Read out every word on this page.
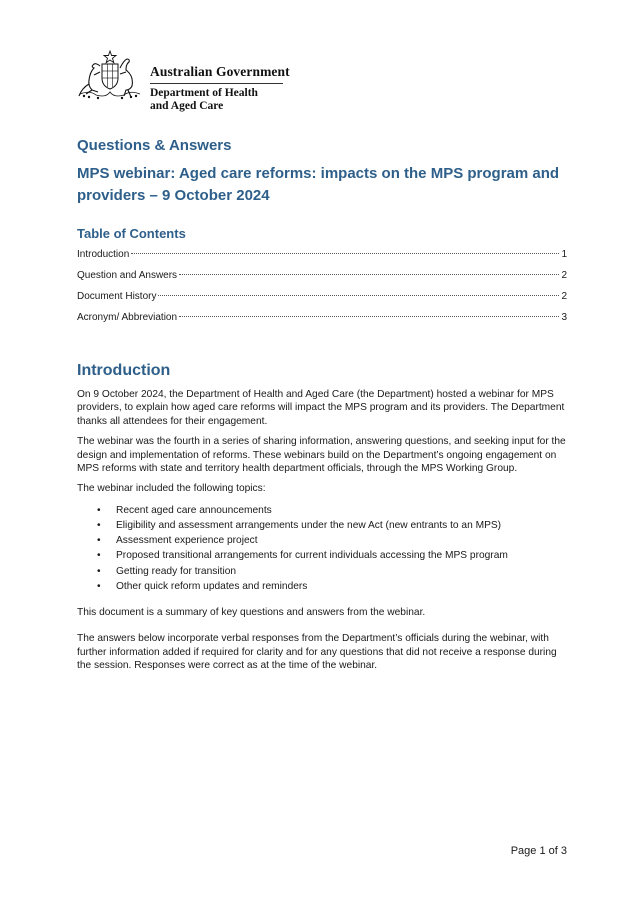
Australian Government
Department of Health
and Aged Care
Questions & Answers
MPS webinar: Aged care reforms: impacts on the MPS program and providers – 9 October 2024
Table of Contents
Introduction	1
Question and Answers	2
Document History	2
Acronym/ Abbreviation	3
Introduction

On 9 October 2024, the Department of Health and Aged Care (the Department) hosted a webinar for MPS providers, to explain how aged care reforms will impact the MPS program and its providers. The Department thanks all attendees for their engagement.

The webinar was the fourth in a series of sharing information, answering questions, and seeking input for the design and implementation of reforms. These webinars build on the Department’s ongoing engagement on MPS reforms with state and territory health department officials, through the MPS Working Group.

The webinar included the following topics:

• Recent aged care announcements
• Eligibility and assessment arrangements under the new Act (new entrants to an MPS)
• Assessment experience project
• Proposed transitional arrangements for current individuals accessing the MPS program
• Getting ready for transition
• Other quick reform updates and reminders

This document is a summary of key questions and answers from the webinar.

The answers below incorporate verbal responses from the Department’s officials during the webinar, with further information added if required for clarity and for any questions that did not receive a response during the session. Responses were correct as at the time of the webinar.

Page 1 of 3
